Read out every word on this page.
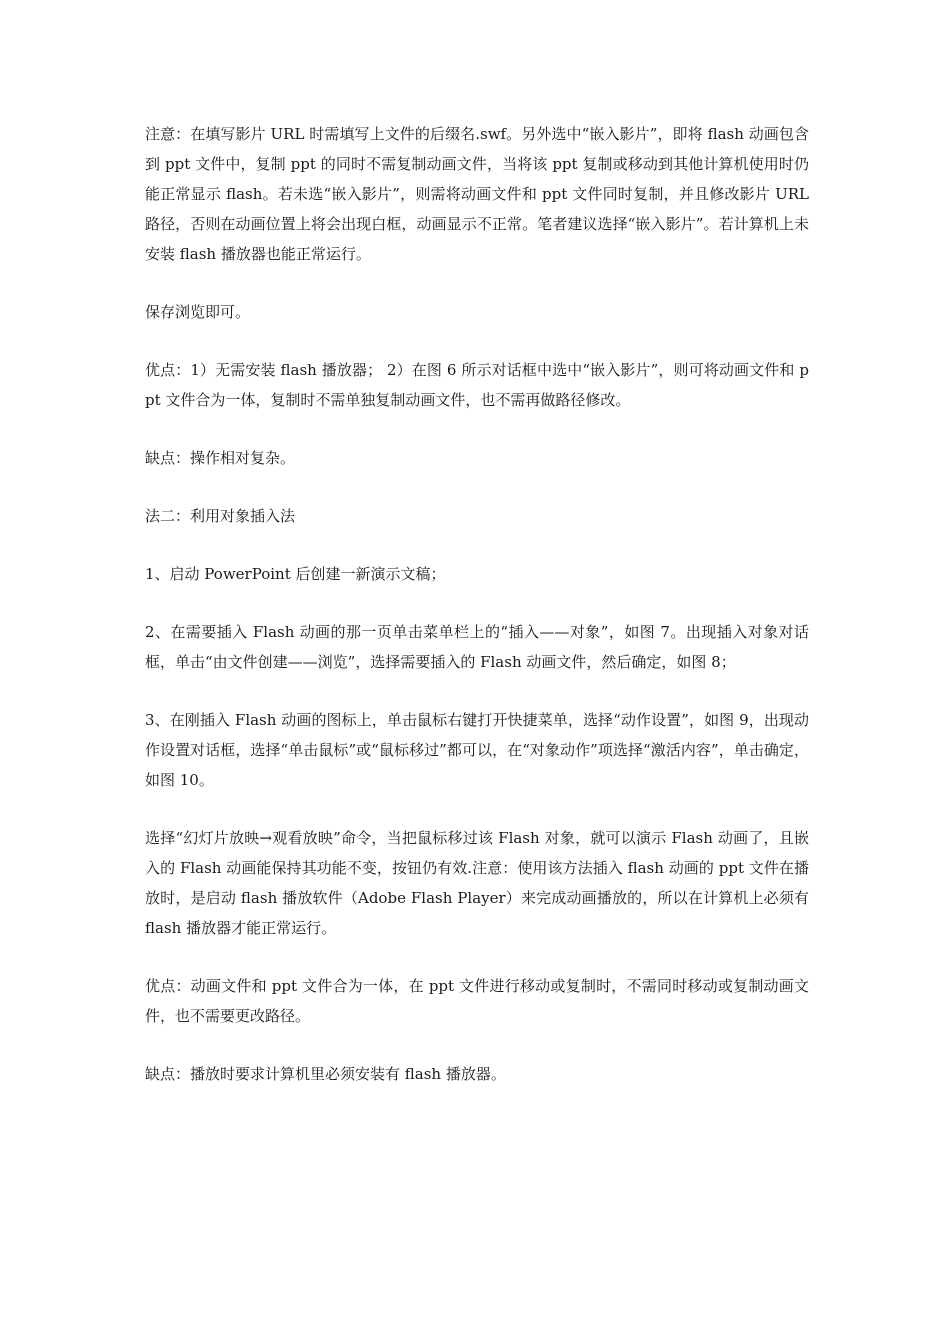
注意：在填写影片 URL 时需填写上文件的后缀名.swf。另外选中“嵌入影片”，即将 flash 动画包含到 ppt 文件中，复制 ppt 的同时不需复制动画文件，当将该 ppt 复制或移动到其他计算机使用时仍能正常显示 flash。若未选“嵌入影片”，则需将动画文件和 ppt 文件同时复制，并且修改影片 URL 路径，否则在动画位置上将会出现白框，动画显示不正常。笔者建议选择“嵌入影片”。若计算机上未安装 flash 播放器也能正常运行。

保存浏览即可。

优点：1）无需安装 flash 播放器； 2）在图 6 所示对话框中选中“嵌入影片”，则可将动画文件和 ppt 文件合为一体，复制时不需单独复制动画文件，也不需再做路径修改。

缺点：操作相对复杂。

法二：利用对象插入法

1、启动 PowerPoint 后创建一新演示文稿；

2、在需要插入 Flash 动画的那一页单击菜单栏上的“插入——对象”，如图 7。出现插入对象对话框，单击“由文件创建——浏览”，选择需要插入的 Flash 动画文件，然后确定，如图 8；

3、在刚插入 Flash 动画的图标上，单击鼠标右键打开快捷菜单，选择“动作设置”，如图 9，出现动作设置对话框，选择“单击鼠标”或“鼠标移过”都可以，在“对象动作”项选择“激活内容”，单击确定，如图 10。

选择“幻灯片放映→观看放映”命令，当把鼠标移过该 Flash 对象，就可以演示 Flash 动画了，且嵌入的 Flash 动画能保持其功能不变，按钮仍有效.注意：使用该方法插入 flash 动画的 ppt 文件在播放时，是启动 flash 播放软件（Adobe Flash Player）来完成动画播放的，所以在计算机上必须有 flash 播放器才能正常运行。

优点：动画文件和 ppt 文件合为一体，在 ppt 文件进行移动或复制时，不需同时移动或复制动画文件，也不需要更改路径。

缺点：播放时要求计算机里必须安装有 flash 播放器。
